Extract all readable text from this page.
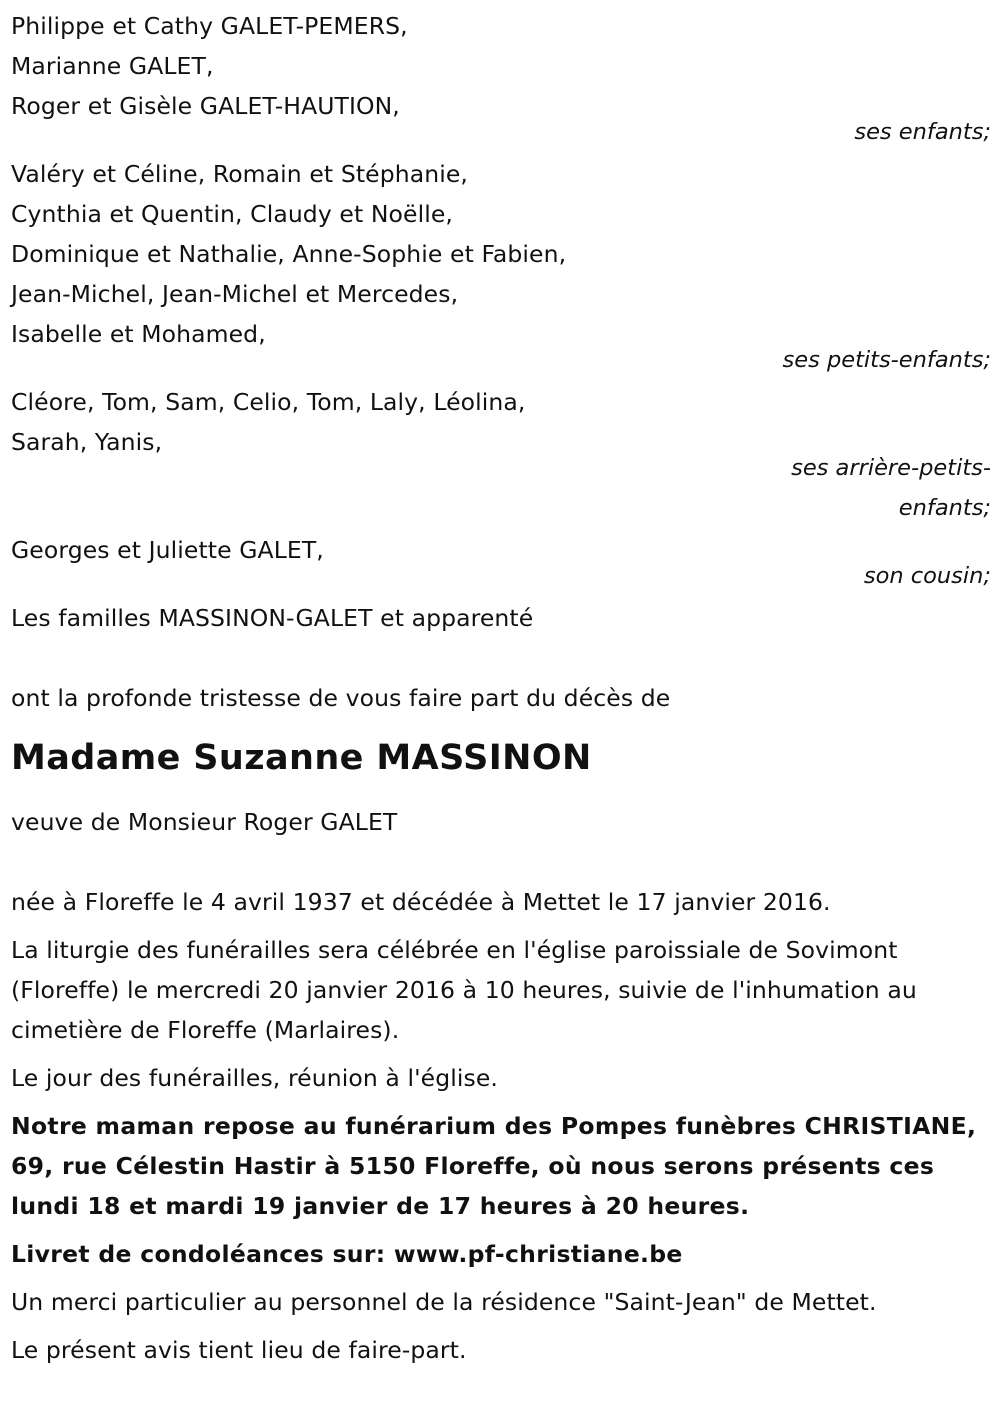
Philippe et Cathy GALET-PEMERS,
Marianne GALET,
Roger et Gisèle GALET-HAUTION,
ses enfants;
Valéry et Céline, Romain et Stéphanie,
Cynthia et Quentin, Claudy et Noëlle,
Dominique et Nathalie, Anne-Sophie et Fabien,
Jean-Michel, Jean-Michel et Mercedes,
Isabelle et Mohamed,
ses petits-enfants;
Cléore, Tom, Sam, Celio, Tom, Laly, Léolina,
Sarah, Yanis,
ses arrière-petits-
enfants;
Georges et Juliette GALET,
son cousin;
Les familles MASSINON-GALET et apparenté
ont la profonde tristesse de vous faire part du décès de
Madame Suzanne MASSINON
veuve de Monsieur Roger GALET
née à Floreffe le 4 avril 1937 et décédée à Mettet le 17 janvier 2016.
La liturgie des funérailles sera célébrée en l'église paroissiale de Sovimont (Floreffe) le mercredi 20 janvier 2016 à 10 heures, suivie de l'inhumation au cimetière de Floreffe (Marlaires).
Le jour des funérailles, réunion à l'église.
Notre maman repose au funérarium des Pompes funèbres CHRISTIANE, 69, rue Célestin Hastir à 5150 Floreffe, où nous serons présents ces lundi 18 et mardi 19 janvier de 17 heures à 20 heures.
Livret de condoléances sur: www.pf-christiane.be
Un merci particulier au personnel de la résidence "Saint-Jean" de Mettet.
Le présent avis tient lieu de faire-part.
